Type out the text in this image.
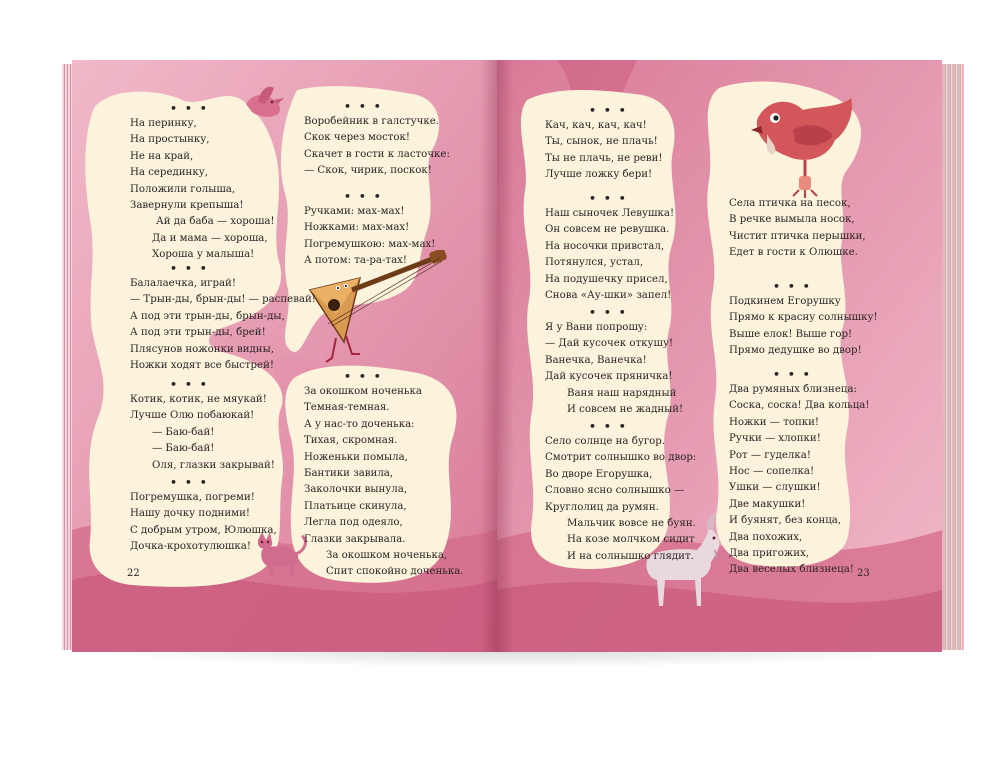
22	23
• • •
На перинку,
На простынку,
Не на край,
На серединку,
Положили голыша,
Завернули крепыша!
Ай да баба — хороша!
Да и мама — хороша,
Хороша у малыша!
• • •
Балалаечка, играй!
— Трын-ды, брын-ды! — распевай!
А под эти трын-ды, брын-ды,
А под эти трын-ды, брей!
Плясунов ножонки видны,
Ножки ходят все быстрей!
• • •
Котик, котик, не мяукай!
Лучше Олю побаюкай!
— Баю-бай!
— Баю-бай!
Оля, глазки закрывай!
• • •
Погремушка, погреми!
Нашу дочку подними!
С добрым утром, Юлюшка,
Дочка-крохотулюшка!
• • •
Воробейник в галстучке.
Скок через мосток!
Скачет в гости к ласточке:
— Скок, чирик, поскок!
• • •
Ручками: мах-мах!
Ножками: мах-мах!
Погремушкою: мах-мах!
А потом: та-ра-тах!
• • •
За окошком ноченька
Темная-темная.
А у нас-то доченька:
Тихая, скромная.
Ноженьки помыла,
Бантики завила,
Заколочки вынула,
Платьице скинула,
Легла под одеяло,
Глазки закрывала.
За окошком ноченька,
Спит спокойно доченька.
• • •
Кач, кач, кач, кач!
Ты, сынок, не плачь!
Ты не плачь, не реви!
Лучше ложку бери!
• • •
Наш сыночек Левушка!
Он совсем не ревушка.
На носочки привстал,
Потянулся, устал,
На подушечку присел,
Снова «Ау-шки» запел!
• • •
Я у Вани попрошу:
— Дай кусочек откушу!
Ванечка, Ванечка!
Дай кусочек пряничка!
Ваня наш нарядный
И совсем не жадный!
• • •
Село солнце на бугор.
Смотрит солнышко во двор:
Во дворе Егорушка,
Словно ясно солнышко —
Круглолиц да румян.
Мальчик вовсе не буян.
На козе молчком сидит
И на солнышко глядит.
Села птичка на песок,
В речке вымыла носок,
Чистит птичка перышки,
Едет в гости к Олюшке.
• • •
Подкинем Егорушку
Прямо к красну солнышку!
Выше елок! Выше гор!
Прямо дедушке во двор!
• • •
Два румяных близнеца:
Соска, соска! Два кольца!
Ножки — топки!
Ручки — хлопки!
Рот — гуделка!
Нос — сопелка!
Ушки — слушки!
Две макушки!
И буянят, без конца,
Два похожих,
Два пригожих,
Два веселых близнеца!
